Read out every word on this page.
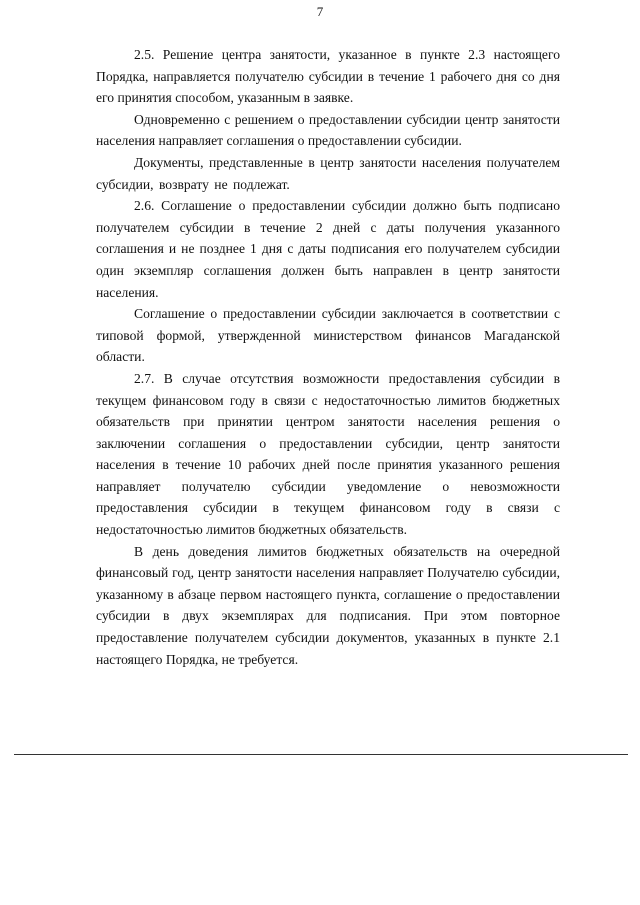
7

2.5. Решение центра занятости, указанное в пункте 2.3 настоящего Порядка, направляется получателю субсидии в течение 1 рабочего дня со дня его принятия способом, указанным в заявке.

Одновременно с решением о предоставлении субсидии центр занятости населения направляет соглашения о предоставлении субсидии.

Документы, представленные в центр занятости населения получателем субсидии, возврату не подлежат.

2.6. Соглашение о предоставлении субсидии должно быть подписано получателем субсидии в течение 2 дней с даты получения указанного соглашения и не позднее 1 дня с даты подписания его получателем субсидии один экземпляр соглашения должен быть направлен в центр занятости населения.

Соглашение о предоставлении субсидии заключается в соответствии с типовой формой, утвержденной министерством финансов Магаданской области.

2.7. В случае отсутствия возможности предоставления субсидии в текущем финансовом году в связи с недостаточностью лимитов бюджетных обязательств при принятии центром занятости населения решения о заключении соглашения о предоставлении субсидии, центр занятости населения в течение 10 рабочих дней после принятия указанного решения направляет получателю субсидии уведомление о невозможности предоставления субсидии в текущем финансовом году в связи с недостаточностью лимитов бюджетных обязательств.

В день доведения лимитов бюджетных обязательств на очередной финансовый год, центр занятости населения направляет Получателю субсидии, указанному в абзаце первом настоящего пункта, соглашение о предоставлении субсидии в двух экземплярах для подписания. При этом повторное предоставление получателем субсидии документов, указанных в пункте 2.1 настоящего Порядка, не требуется.
